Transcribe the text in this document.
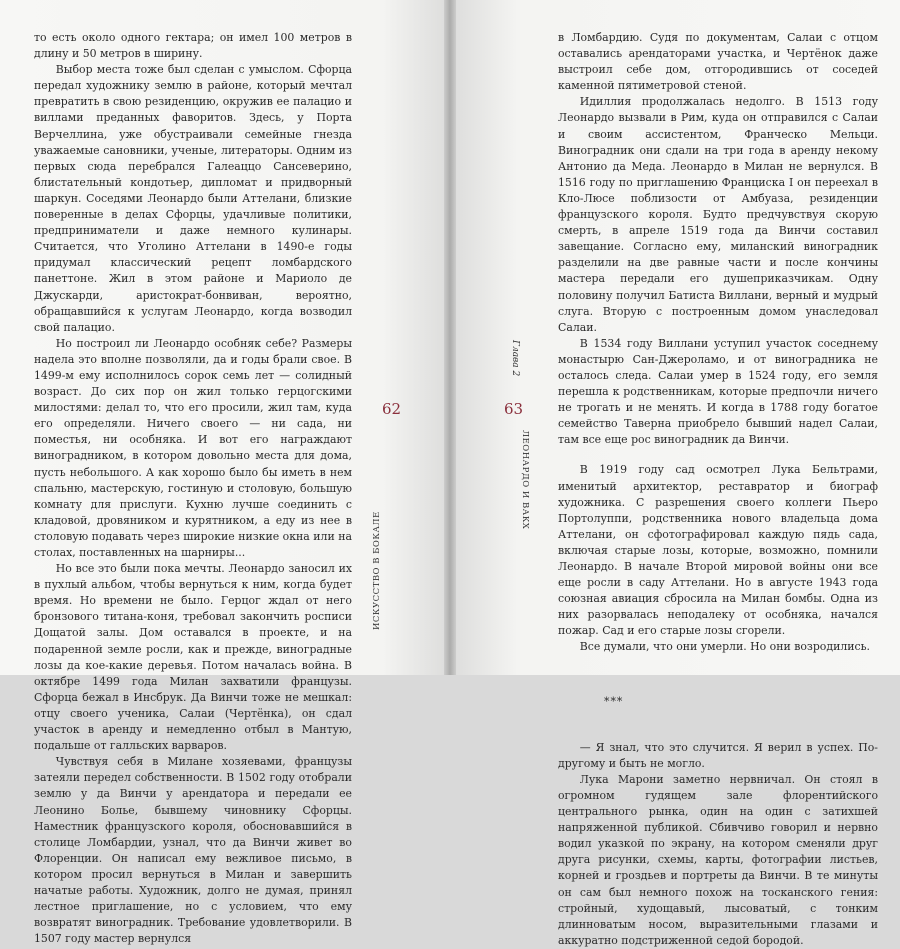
то есть около одного гектара; он имел 100 метров в длину и 50 метров в ширину.

Выбор места тоже был сделан с умыслом. Сфорца передал художнику землю в районе, который мечтал превратить в свою резиденцию, окружив ее палацио и виллами преданных фаворитов. Здесь, у Порта Верчеллина, уже обустраивали семейные гнезда уважаемые сановники, ученые, литераторы. Одним из первых сюда перебрался Галеаццо Сансеверино, блистательный кондотьер, дипломат и придворный шаркун. Соседями Леонардо были Аттелани, близкие поверенные в делах Сфорцы, удачливые политики, предприниматели и даже немного кулинары. Считается, что Уголино Аттелани в 1490-е годы придумал классический рецепт ломбардского панеттоне. Жил в этом районе и Мариоло де Джускарди, аристократ-бонвиван, вероятно, обращавшийся к услугам Леонардо, когда возводил свой палацио.

Но построил ли Леонардо особняк себе? Размеры надела это вполне позволяли, да и годы брали свое. В 1499-м ему исполнилось сорок семь лет — солидный возраст. До сих пор он жил только герцогскими милостями: делал то, что его просили, жил там, куда его определяли. Ничего своего — ни сада, ни поместья, ни особняка. И вот его награждают виноградником, в котором довольно места для дома, пусть небольшого. А как хорошо было бы иметь в нем спальню, мастерскую, гостиную и столовую, большую комнату для прислуги. Кухню лучше соединить с кладовой, дровяником и курятником, а еду из нее в столовую подавать через широкие низкие окна или на столах, поставленных на шарниры...

Но все это были пока мечты. Леонардо заносил их в пухлый альбом, чтобы вернуться к ним, когда будет время. Но времени не было. Герцог ждал от него бронзового титана-коня, требовал закончить росписи Дощатой залы. Дом оставался в проекте, и на подаренной земле росли, как и прежде, виноградные лозы да кое-какие деревья. Потом началась война. В октябре 1499 года Милан захватили французы. Сфорца бежал в Инсбрук. Да Винчи тоже не мешкал: отцу своего ученика, Салаи (Чертёнка), он сдал участок в аренду и немедленно отбыл в Мантую, подальше от галльских варваров.

Чувствуя себя в Милане хозяевами, французы затеяли передел собственности. В 1502 году отобрали землю у да Винчи у арендатора и передали ее Леонино Больe, бывшему чиновнику Сфорцы. Наместник французского короля, обосновавшийся в столице Ломбардии, узнал, что да Винчи живет во Флоренции. Он написал ему вежливое письмо, в котором просил вернуться в Милан и завершить начатые работы. Художник, долго не думая, принял лестное приглашение, но с условием, что ему возвратят виноградник. Требование удовлетворили. В 1507 году мастер вернулся

62
ИСКУССТВО В БОКАЛЕ

в Ломбардию. Судя по документам, Салаи с отцом оставались арендаторами участка, и Чертёнок даже выстроил себе дом, отгородившись от соседей каменной пятиметровой стеной.

Идиллия продолжалась недолго. В 1513 году Леонардо вызвали в Рим, куда он отправился с Салаи и своим ассистентом, Франческо Мельци. Виноградник они сдали на три года в аренду некому Антонио да Меда. Леонардо в Милан не вернулся. В 1516 году по приглашению Франциска I он переехал в Кло-Люсе поблизости от Амбуаза, резиденции французского короля. Будто предчувствуя скорую смерть, в апреле 1519 года да Винчи составил завещание. Согласно ему, миланский виноградник разделили на две равные части и после кончины мастера передали его душеприказчикам. Одну половину получил Батиста Виллани, верный и мудрый слуга. Вторую с построенным домом унаследовал Салаи.

В 1534 году Виллани уступил участок соседнему монастырю Сан-Джероламо, и от виноградника не осталось следа. Салаи умер в 1524 году, его земля перешла к родственникам, которые предпочли ничего не трогать и не менять. И когда в 1788 году богатое семейство Таверна приобрело бывший надел Салаи, там все еще рос виноградник да Винчи.

В 1919 году сад осмотрел Лука Бельтрами, именитый архитектор, реставратор и биограф художника. С разрешения своего коллеги Пьеро Портолуппи, родственника нового владельца дома Аттелани, он сфотографировал каждую пядь сада, включая старые лозы, которые, возможно, помнили Леонардо. В начале Второй мировой войны они все еще росли в саду Аттелани. Но в августе 1943 года союзная авиация сбросила на Милан бомбы. Одна из них разорвалась неподалеку от особняка, начался пожар. Сад и его старые лозы сгорели.

Все думали, что они умерли. Но они возродились.

***

— Я знал, что это случится. Я верил в успех. По-другому и быть не могло.

Лука Марони заметно нервничал. Он стоял в огромном гудящем зале флорентийского центрального рынка, один на один с затихшей напряженной публикой. Сбивчиво говорил и нервно водил указкой по экрану, на котором сменяли друг друга рисунки, схемы, карты, фотографии листьев, корней и гроздьев и портреты да Винчи. В те минуты он сам был немного похож на тосканского гения: стройный, худощавый, лысоватый, с тонким длинноватым носом, выразительными глазами и аккуратно подстриженной седой бородой.

63
Глава 2
ЛЕОНАРДО И ВАКХ
